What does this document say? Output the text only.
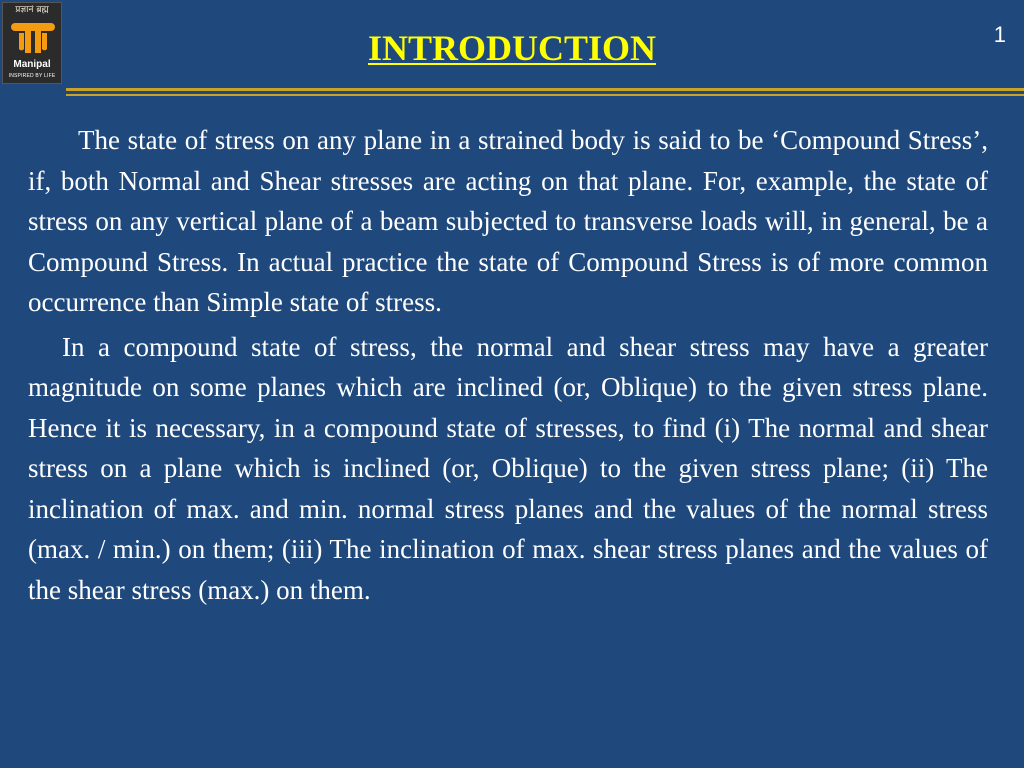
प्रज्ञानं ब्रह्म
Manipal
INSPIRED BY LIFE
INTRODUCTION	1

The state of stress on any plane in a strained body is said to be ‘Compound Stress’, if, both Normal and Shear stresses are acting on that plane. For, example, the state of stress on any vertical plane of a beam subjected to transverse loads will, in general, be a Compound Stress. In actual practice the state of Compound Stress is of more common occurrence than Simple state of stress.

In a compound state of stress, the normal and shear stress may have a greater magnitude on some planes which are inclined (or, Oblique) to the given stress plane. Hence it is necessary, in a compound state of stresses, to find (i) The normal and shear stress on a plane which is inclined (or, Oblique) to the given stress plane; (ii) The inclination of max. and min. normal stress planes and the values of the normal stress (max. / min.) on them; (iii) The inclination of max. shear stress planes and the values of the shear stress (max.) on them.
